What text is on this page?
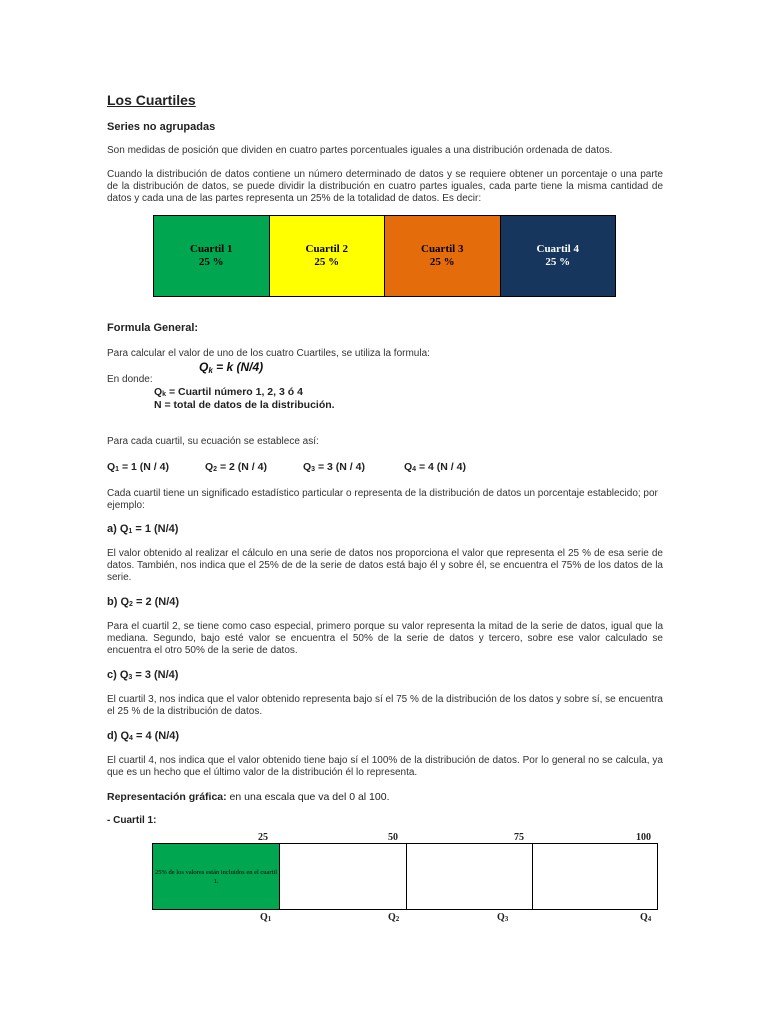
Los Cuartiles
Series no agrupadas
Son medidas de posición que dividen en cuatro partes porcentuales iguales a una distribución ordenada de datos.
Cuando la distribución de datos contiene un número determinado de datos y se requiere obtener un porcentaje o una parte de la distribución de datos, se puede dividir la distribución en cuatro partes iguales, cada parte tiene la misma cantidad de datos y cada una de las partes representa un 25% de la totalidad de datos. Es decir:
Cuartil 1
25 %
Cuartil 2
25 %
Cuartil 3
25 %
Cuartil 4
25 %
Formula General:
Para calcular el valor de uno de los cuatro Cuartiles, se utiliza la formula:
Qk = k (N/4)
En donde:
Qk = Cuartil número 1, 2, 3 ó 4
N = total de datos de la distribución.
Para cada cuartil, su ecuación se establece así:
Q1 = 1 (N / 4)	Q2 = 2 (N / 4)	Q3 = 3 (N / 4)	Q4 = 4 (N / 4)
Cada cuartil tiene un significado estadístico particular o representa de la distribución de datos un porcentaje establecido; por ejemplo:
a) Q1 = 1 (N/4)
El valor obtenido al realizar el cálculo en una serie de datos nos proporciona el valor que representa el 25 % de esa serie de datos. También, nos indica que el 25% de de la serie de datos está bajo él y sobre él, se encuentra el 75% de los datos de la serie.
b) Q2 = 2 (N/4)
Para el cuartil 2, se tiene como caso especial, primero porque su valor representa la mitad de la serie de datos, igual que la mediana. Segundo, bajo esté valor se encuentra el 50% de la serie de datos y tercero, sobre ese valor calculado se encuentra el otro 50% de la serie de datos.
c) Q3 = 3 (N/4)
El cuartil 3, nos indica que el valor obtenido representa bajo sí el 75 % de la distribución de los datos y sobre sí, se encuentra el 25 % de la distribución de datos.
d) Q4 = 4 (N/4)
El cuartil 4, nos indica que el valor obtenido tiene bajo sí el 100% de la distribución de datos. Por lo general no se calcula, ya que es un hecho que el último valor de la distribución él lo representa.
Representación gráfica: en una escala que va del 0 al 100.
- Cuartil 1:
25	50	75	100
25% de los valores están incluidos en el cuartil 1.
Q1	Q2	Q3	Q4
